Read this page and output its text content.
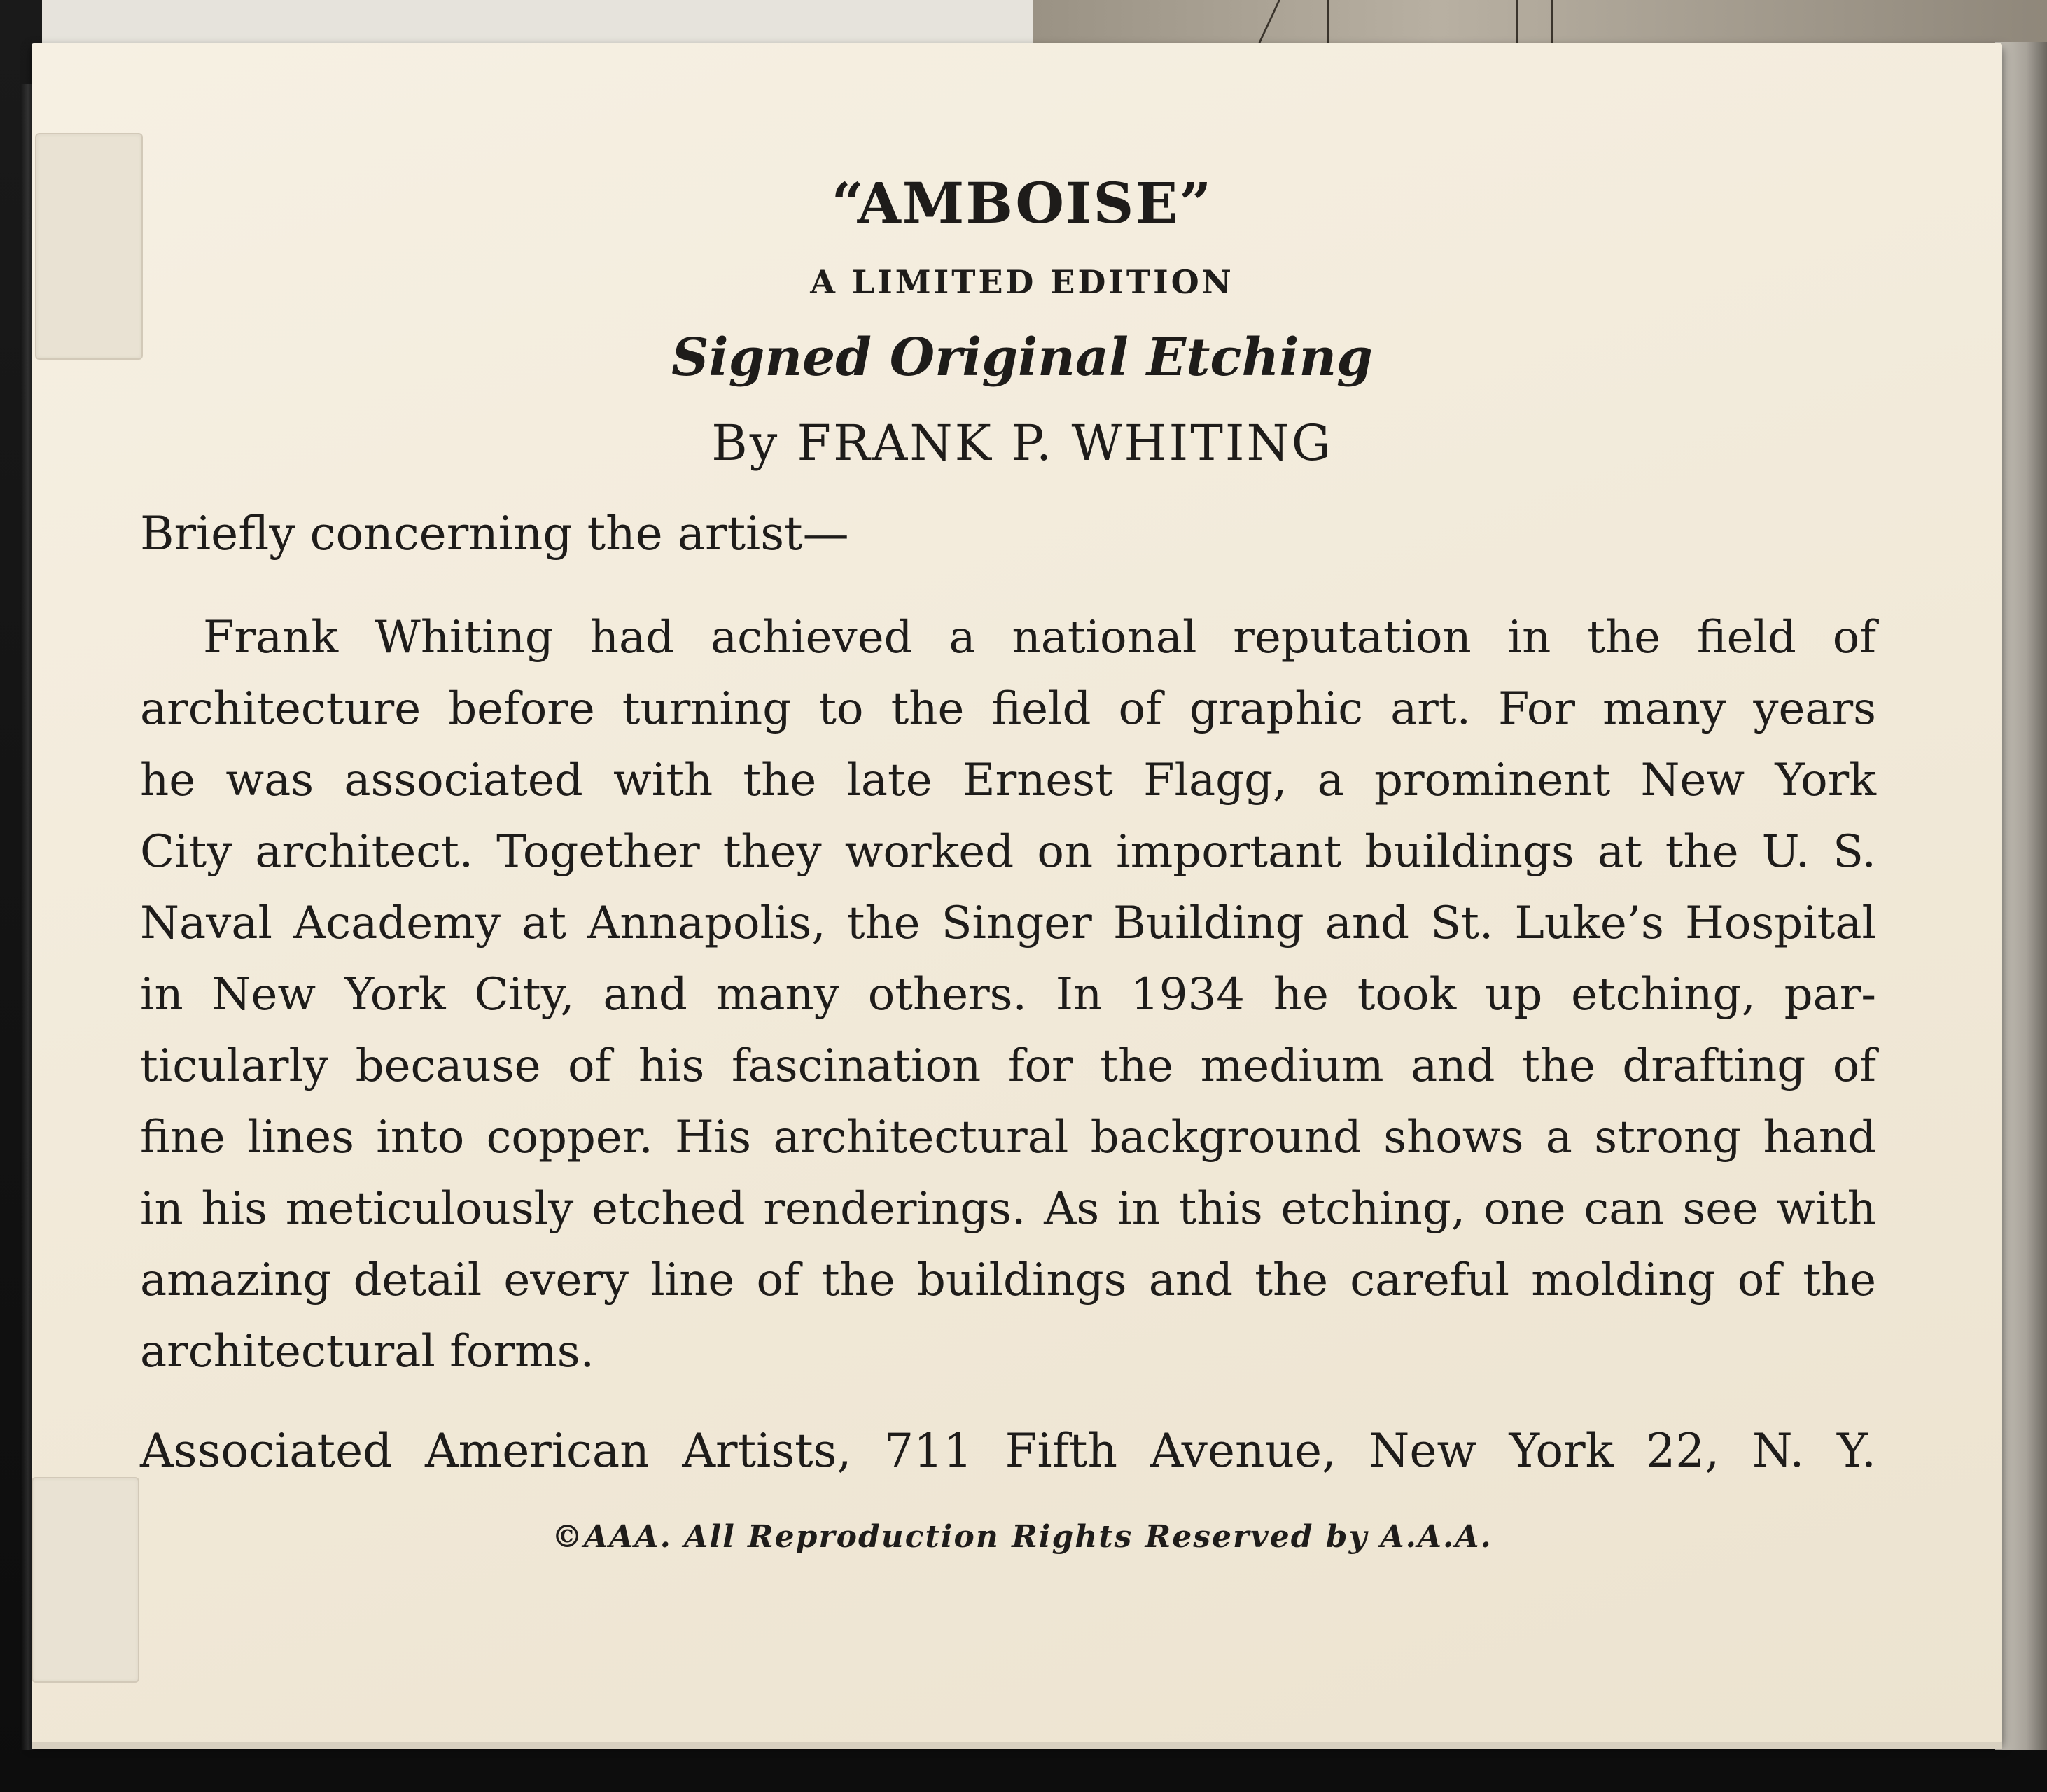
“AMBOISE”
A LIMITED EDITION
Signed Original Etching
By FRANK P. WHITING
Briefly concerning the artist—
Frank Whiting had achieved a national reputation in the field of
architecture before turning to the field of graphic art. For many years
he was associated with the late Ernest Flagg, a prominent New York
City architect. Together they worked on important buildings at the U. S.
Naval Academy at Annapolis, the Singer Building and St. Luke’s Hospital
in New York City, and many others. In 1934 he took up etching, par-
ticularly because of his fascination for the medium and the drafting of
fine lines into copper. His architectural background shows a strong hand
in his meticulously etched renderings. As in this etching, one can see with
amazing detail every line of the buildings and the careful molding of the
architectural forms.
Associated American Artists, 711 Fifth Avenue, New York 22, N. Y.
©AAA. All Reproduction Rights Reserved by A.A.A.
